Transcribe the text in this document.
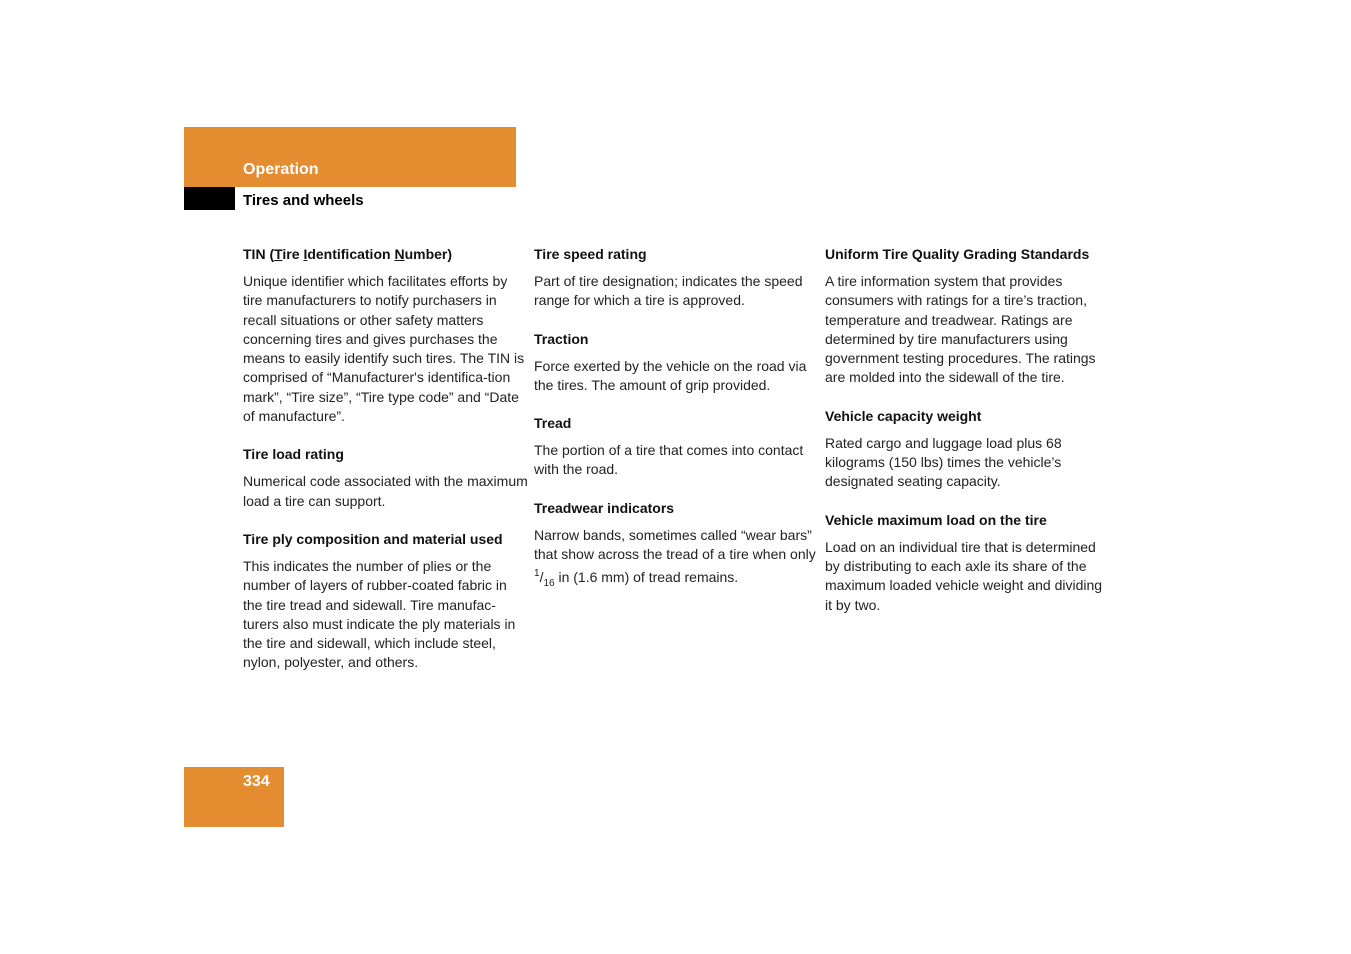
Operation
Tires and wheels

TIN (Tire Identification Number)

Unique identifier which facilitates efforts by tire manufacturers to notify purchasers in recall situations or other safety matters concerning tires and gives purchases the means to easily identify such tires. The TIN is comprised of “Manufacturer's identifica-tion mark”, “Tire size”, “Tire type code” and “Date of manufacture”.

Tire load rating

Numerical code associated with the maximum load a tire can support.

Tire ply composition and material used

This indicates the number of plies or the number of layers of rubber-coated fabric in the tire tread and sidewall. Tire manufac-turers also must indicate the ply materials in the tire and sidewall, which include steel, nylon, polyester, and others.

Tire speed rating

Part of tire designation; indicates the speed range for which a tire is approved.

Traction

Force exerted by the vehicle on the road via the tires. The amount of grip provided.

Tread

The portion of a tire that comes into contact with the road.

Treadwear indicators

Narrow bands, sometimes called “wear bars” that show across the tread of a tire when only $^1/_{16}$ in (1.6 mm) of tread remains.

Uniform Tire Quality Grading Standards

A tire information system that provides consumers with ratings for a tire’s traction, temperature and treadwear. Ratings are determined by tire manufacturers using government testing procedures. The ratings are molded into the sidewall of the tire.

Vehicle capacity weight

Rated cargo and luggage load plus 68 kilograms (150 lbs) times the vehicle’s designated seating capacity.

Vehicle maximum load on the tire

Load on an individual tire that is determined by distributing to each axle its share of the maximum loaded vehicle weight and dividing it by two.

334
